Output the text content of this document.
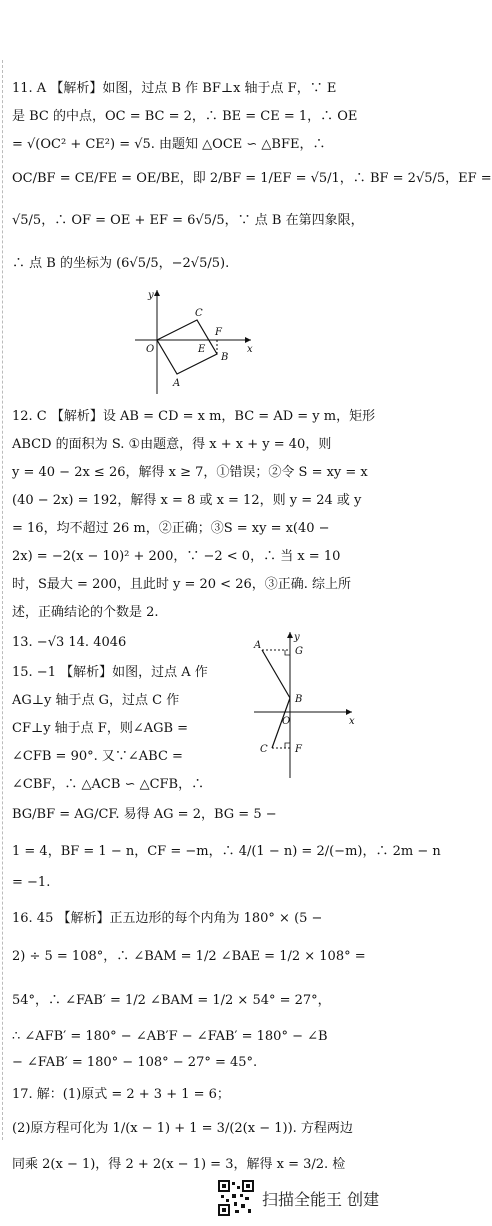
11. A 【解析】如图，过点 B 作 BF⊥x 轴于点 F，∵ E
是 BC 的中点，OC = BC = 2，∴ BE = CE = 1，∴ OE
= √(OC² + CE²) = √5. 由题知 △OCE ∽ △BFE，∴
OC/BF = CE/FE = OE/BE，即 2/BF = 1/EF = √5/1，∴ BF = 2√5/5，EF =
√5/5，∴ OF = OE + EF = 6√5/5，∵ 点 B 在第四象限，
∴ 点 B 的坐标为 (6√5/5，−2√5/5).
x
y
O
C
E
F
B
A
12. C 【解析】设 AB = CD = x m，BC = AD = y m，矩形
ABCD 的面积为 S. ①由题意，得 x + x + y = 40，则
y = 40 − 2x ≤ 26，解得 x ≥ 7，①错误；②令 S = xy = x
(40 − 2x) = 192，解得 x = 8 或 x = 12，则 y = 24 或 y
= 16，均不超过 26 m，②正确；③S = xy = x(40 −
2x) = −2(x − 10)² + 200，∵ −2 < 0，∴ 当 x = 10
时，S最大 = 200，且此时 y = 20 < 26，③正确. 综上所
述，正确结论的个数是 2.
13. −√3 14. 4046
15. −1 【解析】如图，过点 A 作
AG⊥y 轴于点 G，过点 C 作
CF⊥y 轴于点 F，则∠AGB =
∠CFB = 90°. 又∵∠ABC =
∠CBF，∴ △ACB ∽ △CFB，∴
BG/BF = AG/CF. 易得 AG = 2，BG = 5 −
x
y
O
A
G
B
C	F
1 = 4，BF = 1 − n，CF = −m，∴ 4/(1 − n) = 2/(−m)，∴ 2m − n
= −1.
16. 45 【解析】正五边形的每个内角为 180° × (5 −
2) ÷ 5 = 108°，∴ ∠BAM = 1/2 ∠BAE = 1/2 × 108° =
54°，∴ ∠FAB′ = 1/2 ∠BAM = 1/2 × 54° = 27°，
∴ ∠AFB′ = 180° − ∠AB′F − ∠FAB′ = 180° − ∠B
− ∠FAB′ = 180° − 108° − 27° = 45°.
17. 解：(1)原式 = 2 + 3 + 1 = 6；
(2)原方程可化为 1/(x − 1) + 1 = 3/(2(x − 1)). 方程两边
同乘 2(x − 1)，得 2 + 2(x − 1) = 3，解得 x = 3/2. 检
扫描全能王 创建
